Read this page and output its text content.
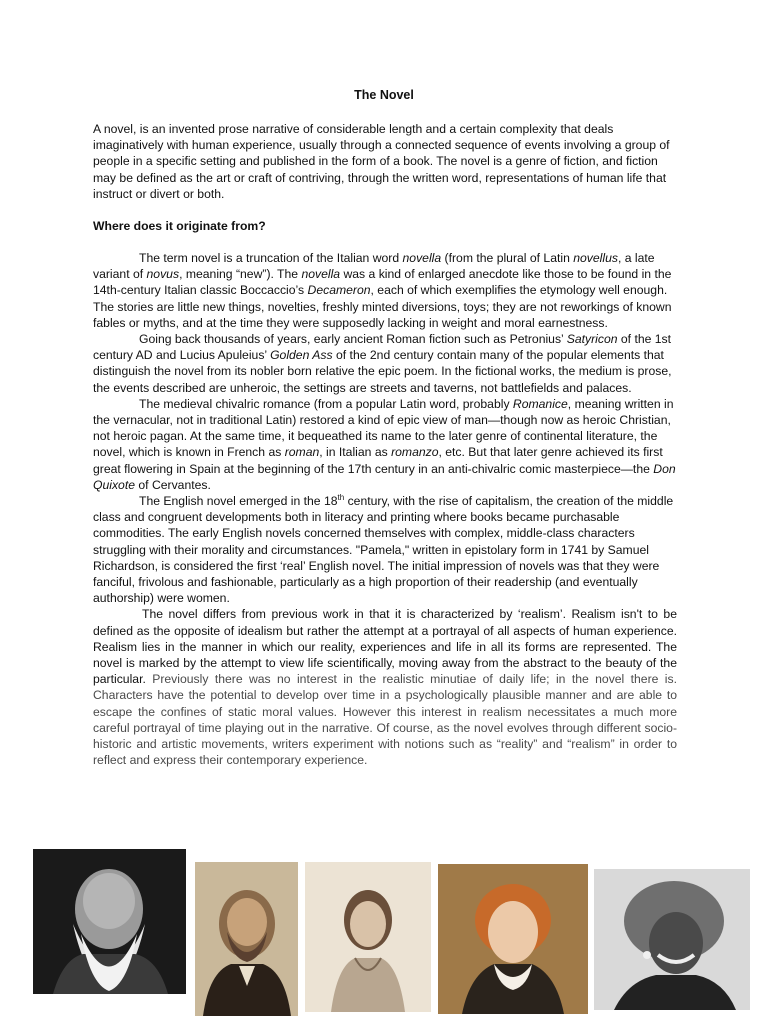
The Novel

A novel, is an invented prose narrative of considerable length and a certain complexity that deals imaginatively with human experience, usually through a connected sequence of events involving a group of people in a specific setting and published in the form of a book. The novel is a genre of fiction, and fiction may be defined as the art or craft of contriving, through the written word, representations of human life that instruct or divert or both.

Where does it originate from?

The term novel is a truncation of the Italian word novella (from the plural of Latin novellus, a late variant of novus, meaning “new”). The novella was a kind of enlarged anecdote like those to be found in the 14th-century Italian classic Boccaccio’s Decameron, each of which exemplifies the etymology well enough. The stories are little new things, novelties, freshly minted diversions, toys; they are not reworkings of known fables or myths, and at the time they were supposedly lacking in weight and moral earnestness.

Going back thousands of years, early ancient Roman fiction such as Petronius’ Satyricon of the 1st century AD and Lucius Apuleius’ Golden Ass of the 2nd century contain many of the popular elements that distinguish the novel from its nobler born relative the epic poem. In the fictional works, the medium is prose, the events described are unheroic, the settings are streets and taverns, not battlefields and palaces.

The medieval chivalric romance (from a popular Latin word, probably Romanice, meaning written in the vernacular, not in traditional Latin) restored a kind of epic view of man—though now as heroic Christian, not heroic pagan. At the same time, it bequeathed its name to the later genre of continental literature, the novel, which is known in French as roman, in Italian as romanzo, etc. But that later genre achieved its first great flowering in Spain at the beginning of the 17th century in an anti-chivalric comic masterpiece—the Don Quixote of Cervantes.

The English novel emerged in the 18th century, with the rise of capitalism, the creation of the middle class and congruent developments both in literacy and printing where books became purchasable commodities. The early English novels concerned themselves with complex, middle-class characters struggling with their morality and circumstances. "Pamela," written in epistolary form in 1741 by Samuel Richardson, is considered the first ‘real’ English novel. The initial impression of novels was that they were fanciful, frivolous and fashionable, particularly as a high proportion of their readership (and eventually authorship) were women.

The novel differs from previous work in that it is characterized by ‘realism’. Realism isn't to be defined as the opposite of idealism but rather the attempt at a portrayal of all aspects of human experience. Realism lies in the manner in which our reality, experiences and life in all its forms are represented. The novel is marked by the attempt to view life scientifically, moving away from the abstract to the beauty of the particular. Previously there was no interest in the realistic minutiae of daily life; in the novel there is. Characters have the potential to develop over time in a psychologically plausible manner and are able to escape the confines of static moral values. However this interest in realism necessitates a much more careful portrayal of time playing out in the narrative. Of course, as the novel evolves through different socio-historic and artistic movements, writers experiment with notions such as “reality” and “realism” in order to reflect and express their contemporary experience.
